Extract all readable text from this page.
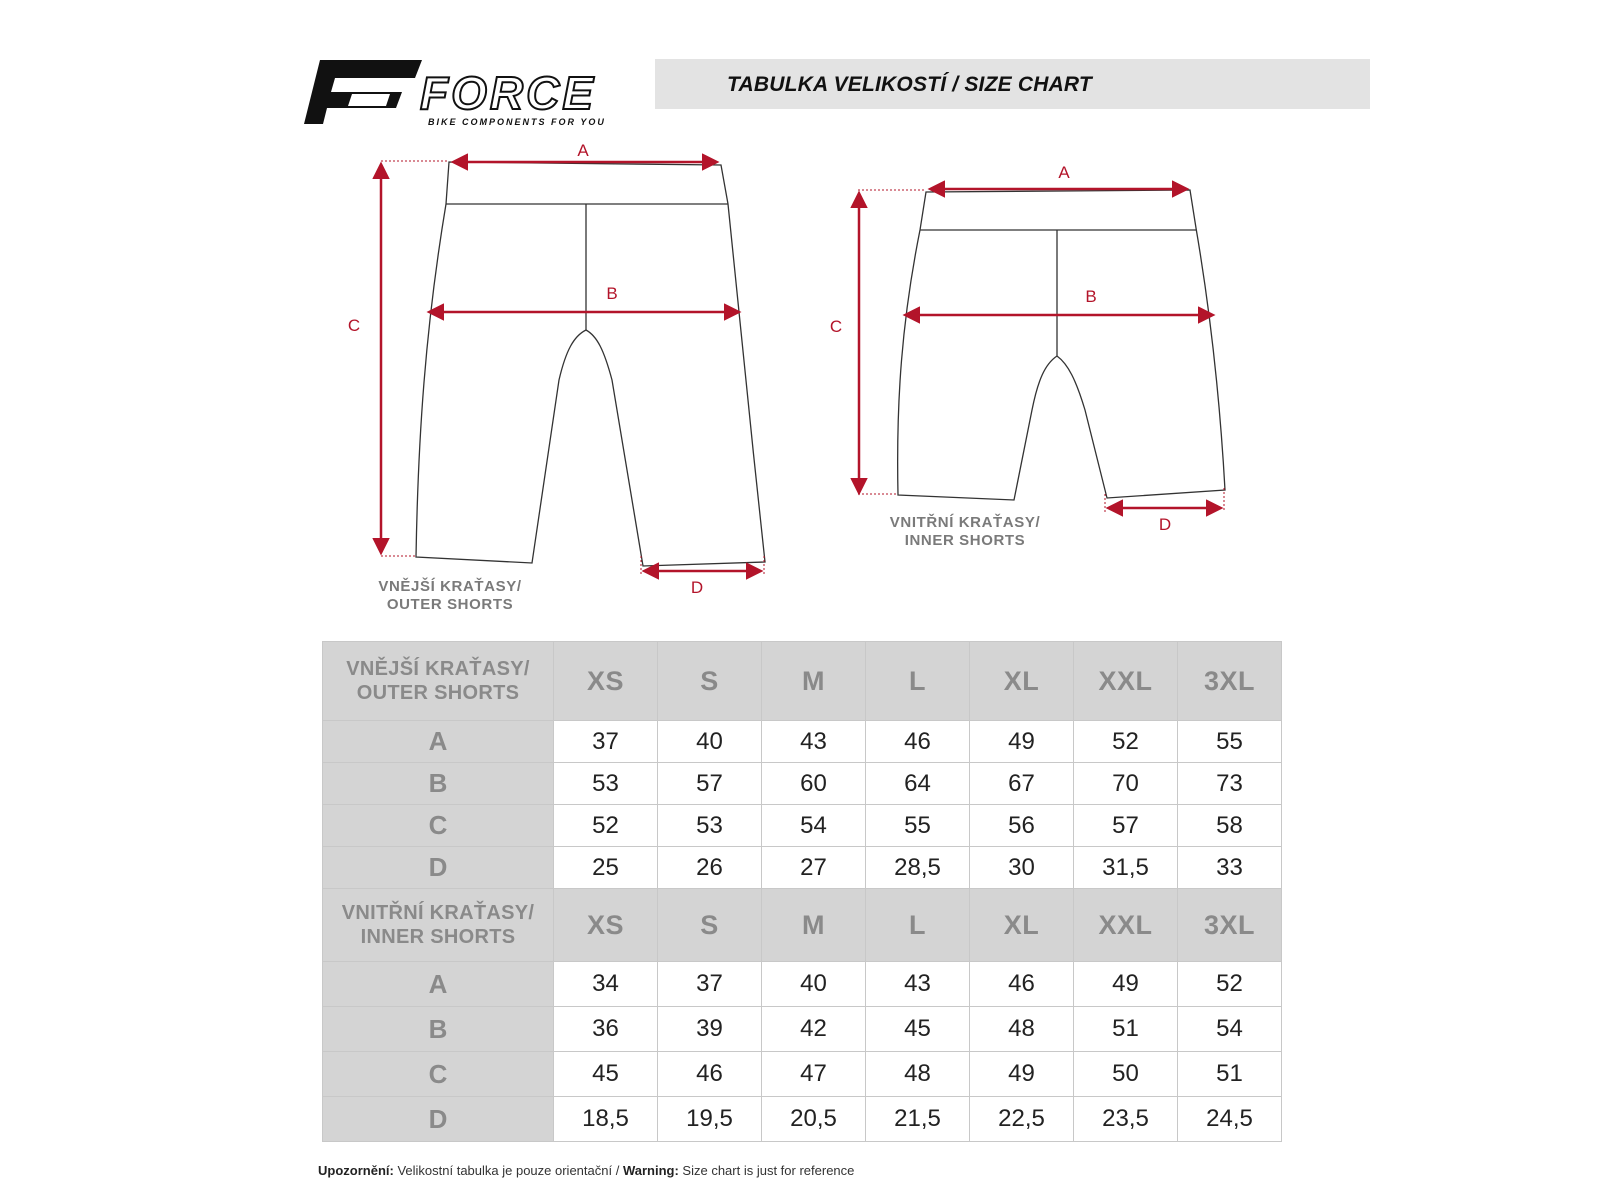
FORCE
BIKE COMPONENTS FOR YOU
TABULKA VELIKOSTÍ / SIZE CHART
A
B
C
D
A
B
C
D
VNĚJŠÍ KRAŤASY/
OUTER SHORTS
VNITŘNÍ KRAŤASY/
INNER SHORTS
VNĚJŠÍ KRAŤASY/
OUTER SHORTS	XS	S	M	L	XL	XXL	3XL
A	37	40	43	46	49	52	55
B	53	57	60	64	67	70	73
C	52	53	54	55	56	57	58
D	25	26	27	28,5	30	31,5	33

VNITŘNÍ KRAŤASY/
INNER SHORTS	XS	S	M	L	XL	XXL	3XL
A	34	37	40	43	46	49	52
B	36	39	42	45	48	51	54
C	45	46	47	48	49	50	51
D	18,5	19,5	20,5	21,5	22,5	23,5	24,5
Upozornění: Velikostní tabulka je pouze orientační / Warning: Size chart is just for reference
